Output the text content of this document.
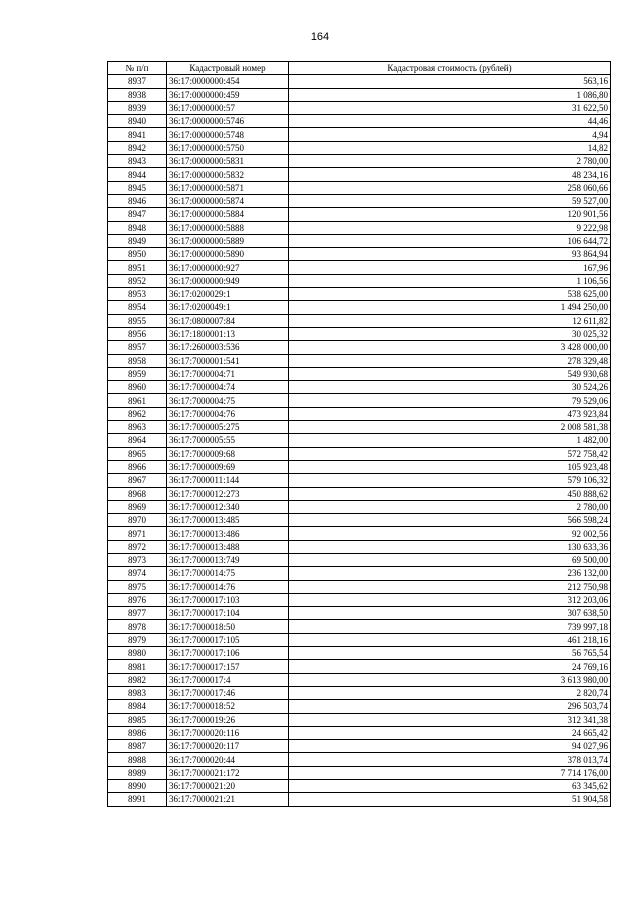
164
№ п/п	Кадастровый номер	Кадастровая стоимость (рублей)
8937	36:17:0000000:454	563,16
8938	36:17:0000000:459	1 086,80
8939	36:17:0000000:57	31 622,50
8940	36:17:0000000:5746	44,46
8941	36:17:0000000:5748	4,94
8942	36:17:0000000:5750	14,82
8943	36:17:0000000:5831	2 780,00
8944	36:17:0000000:5832	48 234,16
8945	36:17:0000000:5871	258 060,66
8946	36:17:0000000:5874	59 527,00
8947	36:17:0000000:5884	120 901,56
8948	36:17:0000000:5888	9 222,98
8949	36:17:0000000:5889	106 644,72
8950	36:17:0000000:5890	93 864,94
8951	36:17:0000000:927	167,96
8952	36:17:0000000:949	1 106,56
8953	36:17:0200029:1	538 625,00
8954	36:17:0200049:1	1 494 250,00
8955	36:17:0800007:84	12 611,82
8956	36:17:1800001:13	30 025,32
8957	36:17:2600003:536	3 428 000,00
8958	36:17:7000001:541	278 329,48
8959	36:17:7000004:71	549 930,68
8960	36:17:7000004:74	30 524,26
8961	36:17:7000004:75	79 529,06
8962	36:17:7000004:76	473 923,84
8963	36:17:7000005:275	2 008 581,38
8964	36:17:7000005:55	1 482,00
8965	36:17:7000009:68	572 758,42
8966	36:17:7000009:69	105 923,48
8967	36:17:7000011:144	579 106,32
8968	36:17:7000012:273	450 888,62
8969	36:17:7000012:340	2 780,00
8970	36:17:7000013:485	566 598,24
8971	36:17:7000013:486	92 002,56
8972	36:17:7000013:488	130 633,36
8973	36:17:7000013:749	69 500,00
8974	36:17:7000014:75	236 132,00
8975	36:17:7000014:76	212 750,98
8976	36:17:7000017:103	312 203,06
8977	36:17:7000017:104	307 638,50
8978	36:17:7000018:50	739 997,18
8979	36:17:7000017:105	461 218,16
8980	36:17:7000017:106	56 765,54
8981	36:17:7000017:157	24 769,16
8982	36:17:7000017:4	3 613 980,00
8983	36:17:7000017:46	2 820,74
8984	36:17:7000018:52	296 503,74
8985	36:17:7000019:26	312 341,38
8986	36:17:7000020:116	24 665,42
8987	36:17:7000020:117	94 027,96
8988	36:17:7000020:44	378 013,74
8989	36:17:7000021:172	7 714 176,00
8990	36:17:7000021:20	63 345,62
8991	36:17:7000021:21	51 904,58
